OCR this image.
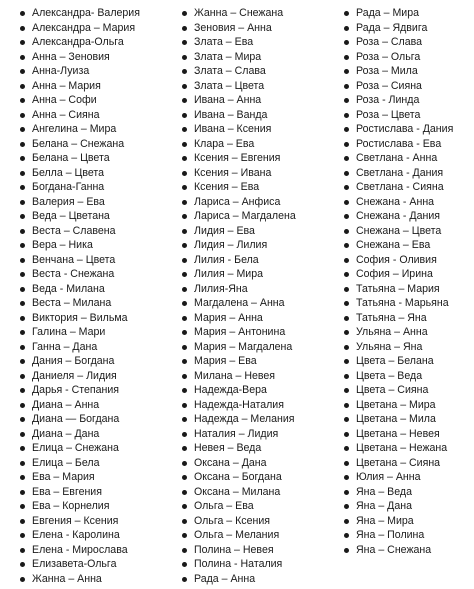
Александра- Валерия
Александра – Мария
Александра-Ольга
Анна – Зеновия
Анна-Луиза
Анна – Мария
Анна – Софи
Анна – Сияна
Ангелина – Мира
Белана – Снежана
Белана – Цвета
Белла – Цвета
Богдана-Ганна
Валерия – Ева
Веда – Цветана
Веста – Славена
Вера – Ника
Венчана – Цвета
Веста - Снежана
Веда - Милана
Веста – Милана
Виктория – Вильма
Галина – Мари
Ганна – Дана
Дания – Богдана
Даниеля – Лидия
Дарья - Степания
Диана – Анна
Диана — Богдана
Диана – Дана
Елица – Снежана
Елица – Бела
Ева – Мария
Ева – Евгения
Ева – Корнелия
Евгения – Ксения
Елена - Каролина
Елена - Мирослава
Елизавета-Ольга
Жанна – Анна
Жанна – Снежана
Зеновия – Анна
Злата – Ева
Злата – Мира
Злата – Слава
Злата – Цвета
Ивана – Анна
Ивана – Ванда
Ивана – Ксения
Клара – Ева
Ксения – Евгения
Ксения – Ивана
Ксения – Ева
Лариса – Анфиса
Лариса – Магдалена
Лидия – Ева
Лидия – Лилия
Лилия - Бела
Лилия – Мира
Лилия-Яна
Магдалена – Анна
Мария – Анна
Мария – Антонина
Мария – Магдалена
Мария – Ева
Милана – Невея
Надежда-Вера
Надежда-Наталия
Надежда – Мелания
Наталия – Лидия
Невея – Веда
Оксана – Дана
Оксана – Богдана
Оксана – Милана
Ольга – Ева
Ольга – Ксения
Ольга – Мелания
Полина – Невея
Полина - Наталия
Рада – Анна
Рада – Мира
Рада – Ядвига
Роза – Слава
Роза – Ольга
Роза – Мила
Роза – Сияна
Роза - Линда
Роза – Цвета
Ростислава - Дания
Ростислава - Ева
Светлана - Анна
Светлана - Дания
Светлана - Сияна
Снежана - Анна
Снежана - Дания
Снежана – Цвета
Снежана – Ева
София - Оливия
София – Ирина
Татьяна – Мария
Татьяна - Марьяна
Татьяна – Яна
Ульяна – Анна
Ульяна – Яна
Цвета – Белана
Цвета – Веда
Цвета – Сияна
Цветана – Мира
Цветана – Мила
Цветана – Невея
Цветана – Нежана
Цветана – Сияна
Юлия – Анна
Яна – Веда
Яна – Дана
Яна – Мира
Яна – Полина
Яна – Снежана
